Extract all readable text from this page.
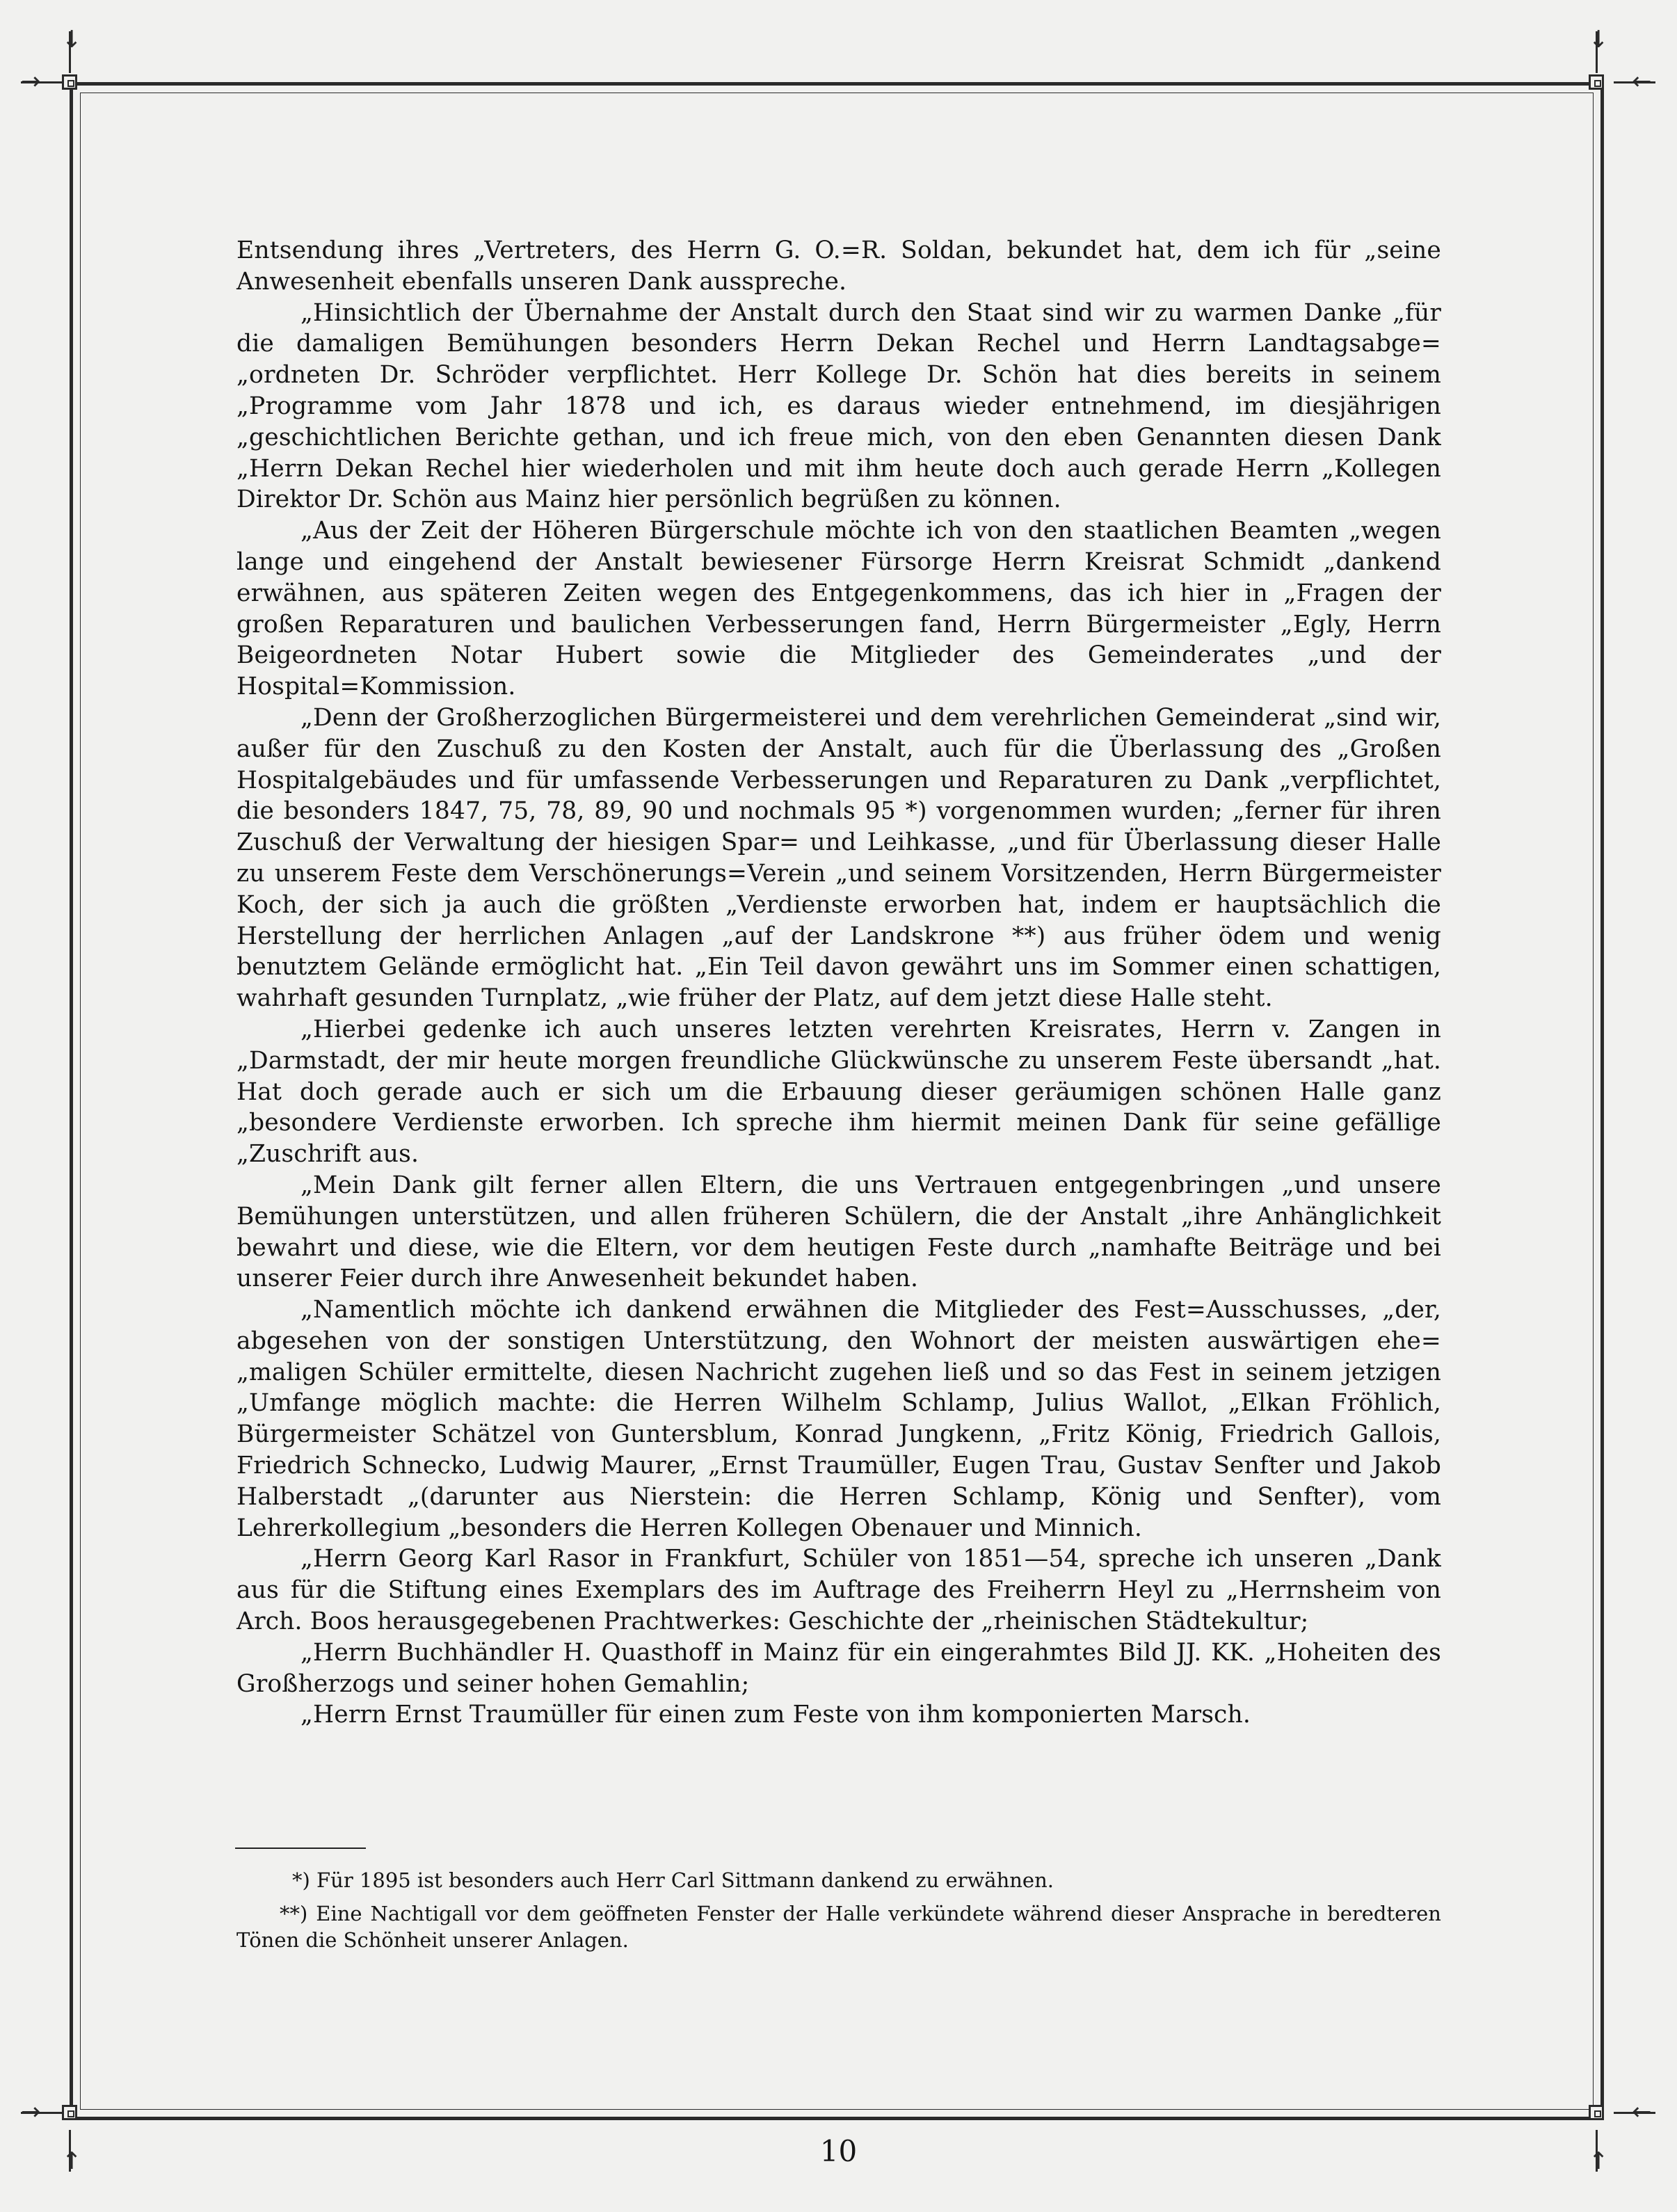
→	←
↓	↓
→	←
↑	↑

Entsendung ihres „Vertreters, des Herrn G. O.=R. Soldan, bekundet hat, dem ich für „seine Anwesenheit ebenfalls unseren Dank ausspreche.

„Hinsichtlich der Übernahme der Anstalt durch den Staat sind wir zu warmen Danke „für die damaligen Bemühungen besonders Herrn Dekan Rechel und Herrn Landtagsabge= „ordneten Dr. Schröder verpflichtet. Herr Kollege Dr. Schön hat dies bereits in seinem „Programme vom Jahr 1878 und ich, es daraus wieder entnehmend, im diesjährigen „geschichtlichen Berichte gethan, und ich freue mich, von den eben Genannten diesen Dank „Herrn Dekan Rechel hier wiederholen und mit ihm heute doch auch gerade Herrn „Kollegen Direktor Dr. Schön aus Mainz hier persönlich begrüßen zu können.

„Aus der Zeit der Höheren Bürgerschule möchte ich von den staatlichen Beamten „wegen lange und eingehend der Anstalt bewiesener Fürsorge Herrn Kreisrat Schmidt „dankend erwähnen, aus späteren Zeiten wegen des Entgegenkommens, das ich hier in „Fragen der großen Reparaturen und baulichen Verbesserungen fand, Herrn Bürgermeister „Egly, Herrn Beigeordneten Notar Hubert sowie die Mitglieder des Gemeinderates „und der Hospital=Kommission.

„Denn der Großherzoglichen Bürgermeisterei und dem verehrlichen Gemeinderat „sind wir, außer für den Zuschuß zu den Kosten der Anstalt, auch für die Überlassung des „Großen Hospitalgebäudes und für umfassende Verbesserungen und Reparaturen zu Dank „verpflichtet, die besonders 1847, 75, 78, 89, 90 und nochmals 95 *) vorgenommen wurden; „ferner für ihren Zuschuß der Verwaltung der hiesigen Spar= und Leihkasse, „und für Überlassung dieser Halle zu unserem Feste dem Verschönerungs=Verein „und seinem Vorsitzenden, Herrn Bürgermeister Koch, der sich ja auch die größten „Verdienste erworben hat, indem er hauptsächlich die Herstellung der herrlichen Anlagen „auf der Landskrone **) aus früher ödem und wenig benutztem Gelände ermöglicht hat. „Ein Teil davon gewährt uns im Sommer einen schattigen, wahrhaft gesunden Turnplatz, „wie früher der Platz, auf dem jetzt diese Halle steht.

„Hierbei gedenke ich auch unseres letzten verehrten Kreisrates, Herrn v. Zangen in „Darmstadt, der mir heute morgen freundliche Glückwünsche zu unserem Feste übersandt „hat. Hat doch gerade auch er sich um die Erbauung dieser geräumigen schönen Halle ganz „besondere Verdienste erworben. Ich spreche ihm hiermit meinen Dank für seine gefällige „Zuschrift aus.

„Mein Dank gilt ferner allen Eltern, die uns Vertrauen entgegenbringen „und unsere Bemühungen unterstützen, und allen früheren Schülern, die der Anstalt „ihre Anhänglichkeit bewahrt und diese, wie die Eltern, vor dem heutigen Feste durch „namhafte Beiträge und bei unserer Feier durch ihre Anwesenheit bekundet haben.

„Namentlich möchte ich dankend erwähnen die Mitglieder des Fest=Ausschusses, „der, abgesehen von der sonstigen Unterstützung, den Wohnort der meisten auswärtigen ehe= „maligen Schüler ermittelte, diesen Nachricht zugehen ließ und so das Fest in seinem jetzigen „Umfange möglich machte: die Herren Wilhelm Schlamp, Julius Wallot, „Elkan Fröhlich, Bürgermeister Schätzel von Guntersblum, Konrad Jungkenn, „Fritz König, Friedrich Gallois, Friedrich Schnecko, Ludwig Maurer, „Ernst Traumüller, Eugen Trau, Gustav Senfter und Jakob Halberstadt „(darunter aus Nierstein: die Herren Schlamp, König und Senfter), vom Lehrerkollegium „besonders die Herren Kollegen Obenauer und Minnich.

„Herrn Georg Karl Rasor in Frankfurt, Schüler von 1851—54, spreche ich unseren „Dank aus für die Stiftung eines Exemplars des im Auftrage des Freiherrn Heyl zu „Herrnsheim von Arch. Boos herausgegebenen Prachtwerkes: Geschichte der „rheinischen Städtekultur;

„Herrn Buchhändler H. Quasthoff in Mainz für ein eingerahmtes Bild JJ. KK. „Hoheiten des Großherzogs und seiner hohen Gemahlin;

„Herrn Ernst Traumüller für einen zum Feste von ihm komponierten Marsch.

*) Für 1895 ist besonders auch Herr Carl Sittmann dankend zu erwähnen.

**) Eine Nachtigall vor dem geöffneten Fenster der Halle verkündete während dieser Ansprache in beredteren Tönen die Schönheit unserer Anlagen.

10
